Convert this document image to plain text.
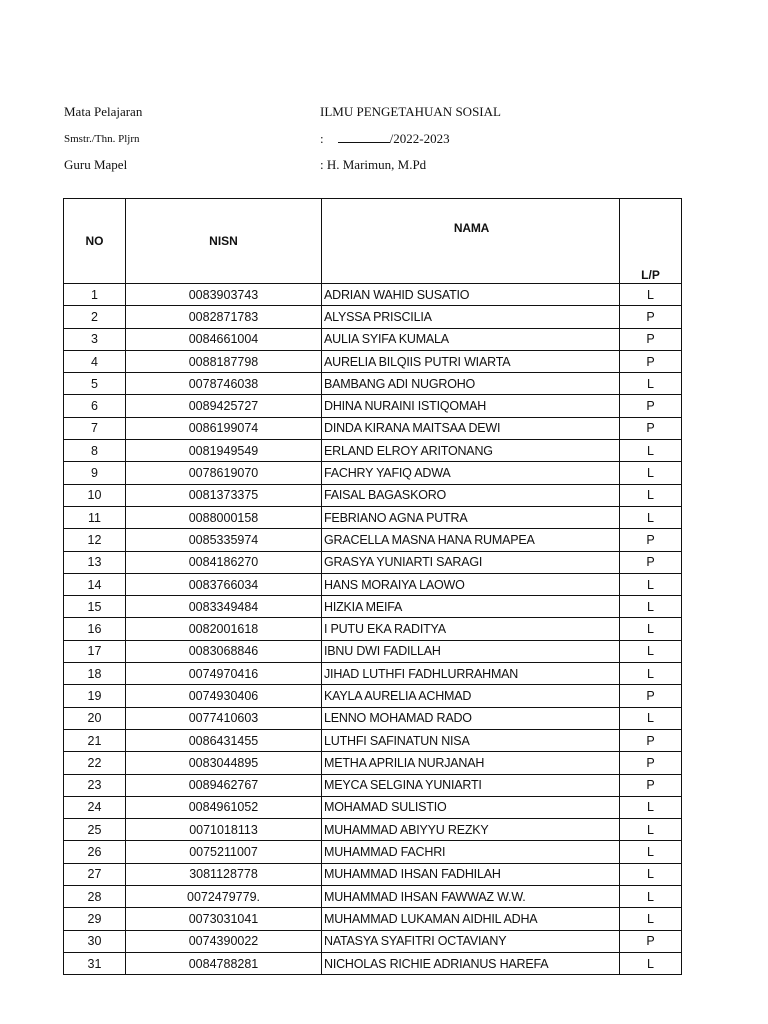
Mata Pelajaran	ILMU PENGETAHUAN SOSIAL
Smstr./Thn. Pljrn	:	/2022-2023
Guru Mapel	: H. Marimun, M.Pd
NO	NISN	NAMA	L/P
1	0083903743	ADRIAN WAHID SUSATIO	L
2	0082871783	ALYSSA PRISCILIA	P
3	0084661004	AULIA SYIFA KUMALA	P
4	0088187798	AURELIA BILQIIS PUTRI WIARTA	P
5	0078746038	BAMBANG ADI NUGROHO	L
6	0089425727	DHINA NURAINI ISTIQOMAH	P
7	0086199074	DINDA KIRANA MAITSAA DEWI	P
8	0081949549	ERLAND ELROY ARITONANG	L
9	0078619070	FACHRY YAFIQ ADWA	L
10	0081373375	FAISAL BAGASKORO	L
11	0088000158	FEBRIANO AGNA PUTRA	L
12	0085335974	GRACELLA MASNA HANA RUMAPEA	P
13	0084186270	GRASYA YUNIARTI SARAGI	P
14	0083766034	HANS MORAIYA LAOWO	L
15	0083349484	HIZKIA MEIFA	L
16	0082001618	I PUTU EKA RADITYA	L
17	0083068846	IBNU DWI FADILLAH	L
18	0074970416	JIHAD LUTHFI FADHLURRAHMAN	L
19	0074930406	KAYLA AURELIA ACHMAD	P
20	0077410603	LENNO MOHAMAD RADO	L
21	0086431455	LUTHFI SAFINATUN NISA	P
22	0083044895	METHA APRILIA NURJANAH	P
23	0089462767	MEYCA SELGINA YUNIARTI	P
24	0084961052	MOHAMAD SULISTIO	L
25	0071018113	MUHAMMAD ABIYYU REZKY	L
26	0075211007	MUHAMMAD FACHRI	L
27	3081128778	MUHAMMAD IHSAN FADHILAH	L
28	0072479779.	MUHAMMAD IHSAN FAWWAZ W.W.	L
29	0073031041	MUHAMMAD LUKAMAN AIDHIL ADHA	L
30	0074390022	NATASYA SYAFITRI OCTAVIANY	P
31	0084788281	NICHOLAS RICHIE ADRIANUS HAREFA	L
